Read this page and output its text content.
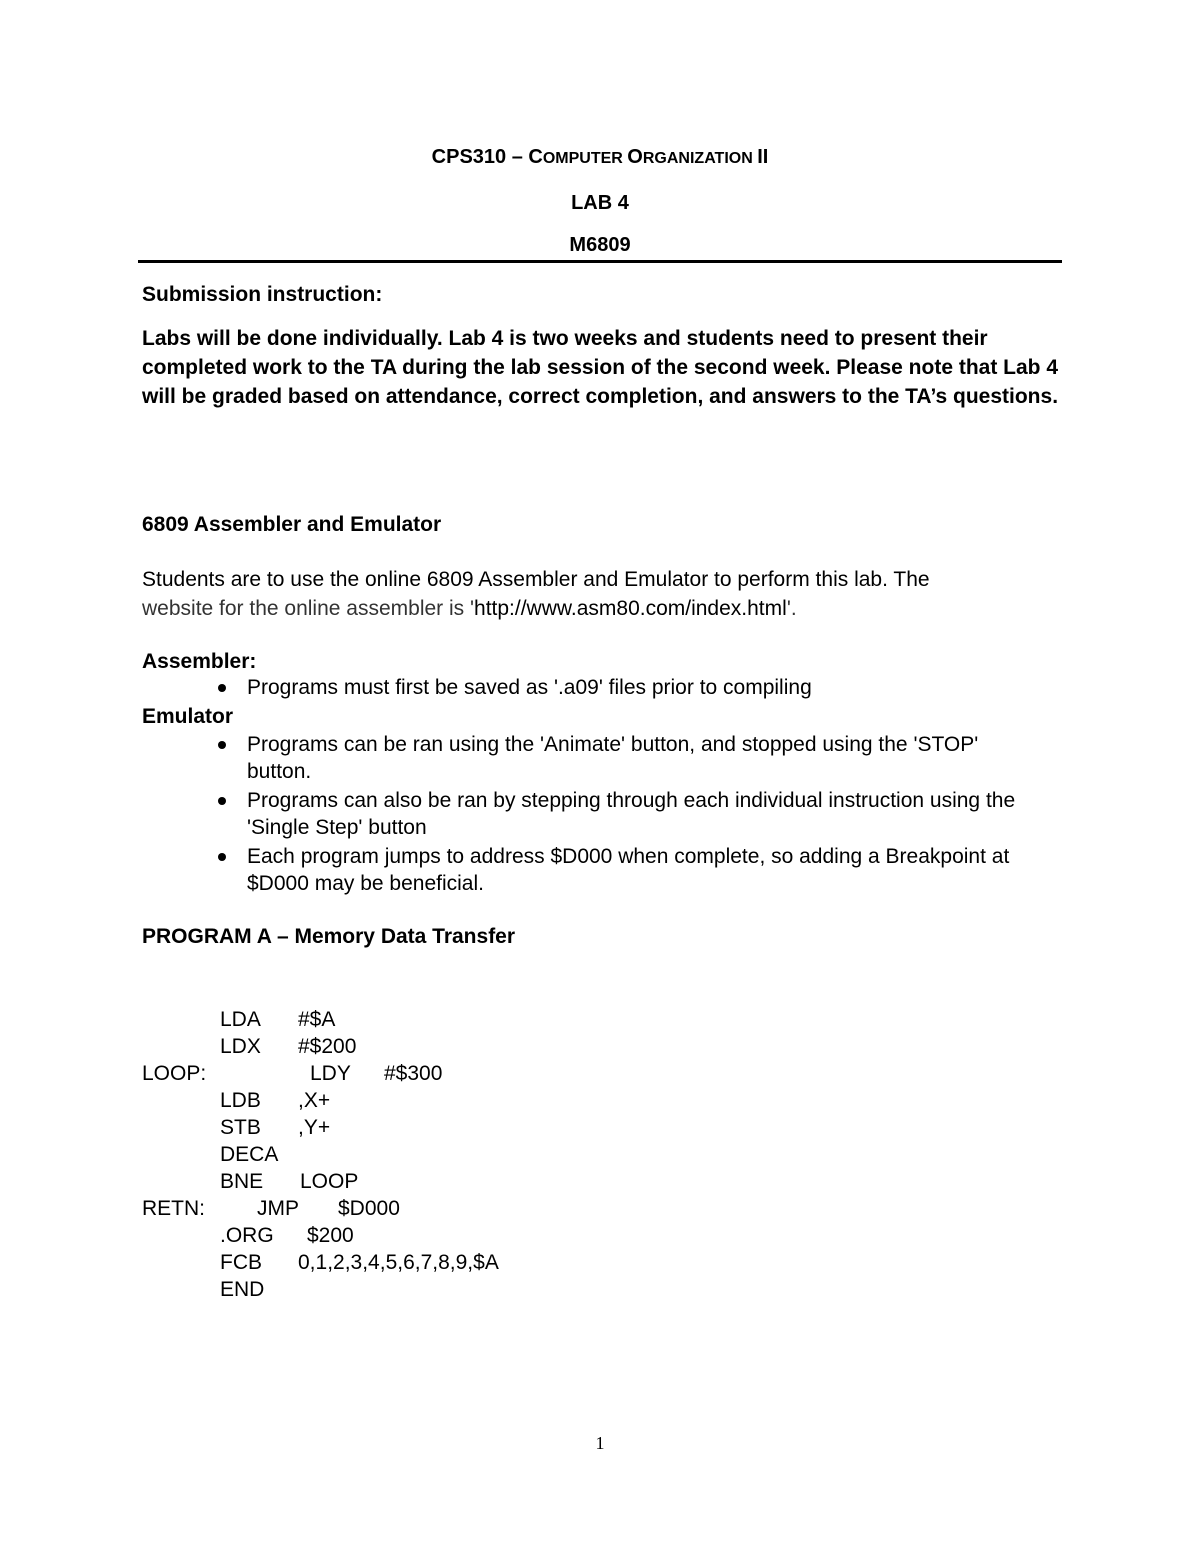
CPS310 – COMPUTER ORGANIZATION II
LAB 4
M6809
Submission instruction:
Labs will be done individually. Lab 4 is two weeks and students need to present their completed work to the TA during the lab session of the second week. Please note that Lab 4 will be graded based on attendance, correct completion, and answers to the TA’s questions.
6809 Assembler and Emulator
Students are to use the online 6809 Assembler and Emulator to perform this lab. The
website for the online assembler is 'http://www.asm80.com/index.html'.
Assembler:
Programs must first be saved as '.a09' files prior to compiling
Emulator
Programs can be ran using the 'Animate' button, and stopped using the 'STOP' button.
Programs can also be ran by stepping through each individual instruction using the 'Single Step' button
Each program jumps to address $D000 when complete, so adding a Breakpoint at $D000 may be beneficial.
PROGRAM A – Memory Data Transfer
LDA #$A
LDX #$200
LOOP:	LDY #$300
LDB ,X+
STB ,Y+
DECA
BNE LOOP
RETN: JMP $D000
.ORG $200
FCB 0,1,2,3,4,5,6,7,8,9,$A
END
1
